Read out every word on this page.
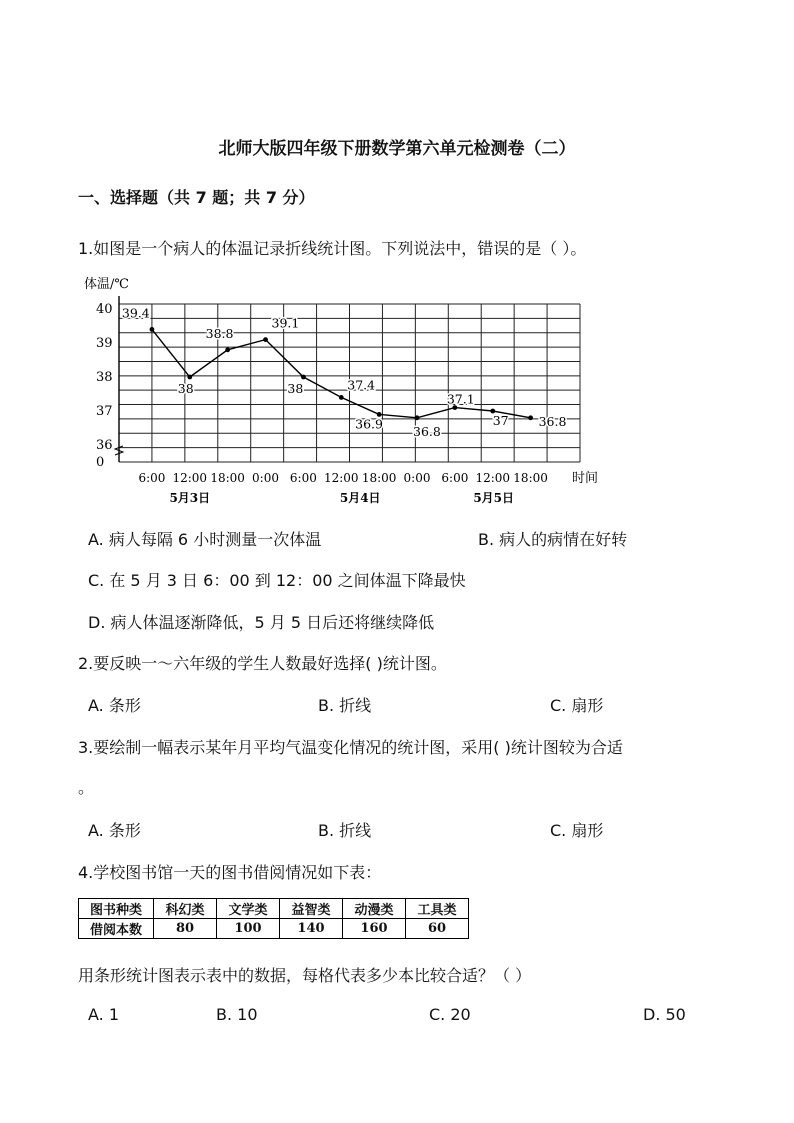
北师大版四年级下册数学第六单元检测卷（二）
一、选择题（共 7 题；共 7 分）
1.如图是一个病人的体温记录折线统计图。下列说法中，错误的是（ ）。
体温/℃
40
39
38
37
36
0
6:00 12:00 18:00 0:00 6:00 12:00 18:00 0:00 6:00 12:00 18:00
5月3日	5月4日	5月5日
时间
39.4
38
38.8
39.1
38	37.4
36.9 36.8
37.1
37 36.8
A. 病人每隔 6 小时测量一次体温	B. 病人的病情在好转
C. 在 5 月 3 日 6：00 到 12：00 之间体温下降最快
D. 病人体温逐渐降低，5 月 5 日后还将继续降低
2.要反映一～六年级的学生人数最好选择( )统计图。
A. 条形	B. 折线	C. 扇形
3.要绘制一幅表示某年月平均气温变化情况的统计图，采用( )统计图较为合适
。
A. 条形	B. 折线	C. 扇形
4.学校图书馆一天的图书借阅情况如下表：
图书种类	科幻类	文学类	益智类	动漫类	工具类
借阅本数	80	100	140	160	60
用条形统计图表示表中的数据，每格代表多少本比较合适？（ ）
A. 1	B. 10	C. 20	D. 50
